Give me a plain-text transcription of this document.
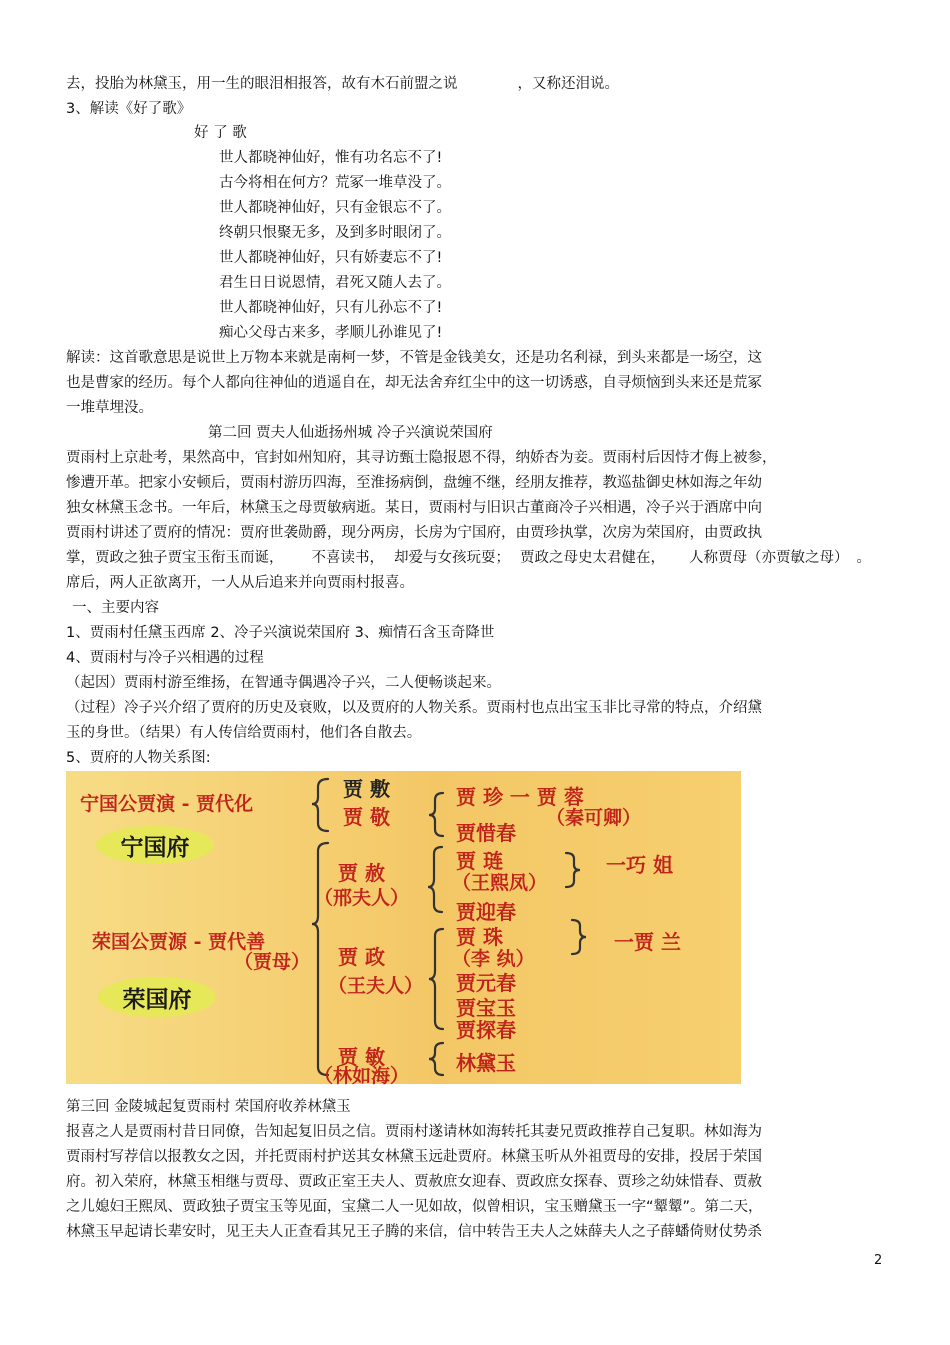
去，投胎为林黛玉，用一生的眼泪相报答，故有木石前盟之说	，又称还泪说。
3、解读《好了歌》
好 了 歌
世人都晓神仙好，惟有功名忘不了!
古今将相在何方？荒冢一堆草没了。
世人都晓神仙好，只有金银忘不了。
终朝只恨聚无多，及到多时眼闭了。
世人都晓神仙好，只有娇妻忘不了!
君生日日说恩情，君死又随人去了。
世人都晓神仙好，只有儿孙忘不了!
痴心父母古来多，孝顺儿孙谁见了!
解读：这首歌意思是说世上万物本来就是南柯一梦，不管是金钱美女，还是功名利禄，到头来都是一场空，这
也是曹家的经历。每个人都向往神仙的逍遥自在，却无法舍弃红尘中的这一切诱惑，自寻烦恼到头来还是荒冢
一堆草埋没。
第二回 贾夫人仙逝扬州城 冷子兴演说荣国府
贾雨村上京赴考，果然高中，官封如州知府，其寻访甄士隐报恩不得，纳娇杏为妾。贾雨村后因恃才侮上被参，
惨遭开革。把家小安顿后，贾雨村游历四海，至淮扬病倒，盘缠不继，经朋友推荐，教巡盐御史林如海之年幼
独女林黛玉念书。一年后，林黛玉之母贾敏病逝。某日，贾雨村与旧识古董商冷子兴相遇，冷子兴于酒席中向
贾雨村讲述了贾府的情况：贾府世袭勋爵，现分两房，长房为宁国府，由贾珍执掌，次房为荣国府，由贾政执
掌，贾政之独子贾宝玉衔玉而诞， 不喜读书， 却爱与女孩玩耍； 贾政之母史太君健在， 人称贾母（亦贾敏之母） 。
席后，两人正欲离开，一人从后追来并向贾雨村报喜。
一、主要内容
1、贾雨村任黛玉西席 2、冷子兴演说荣国府 3、痴情石含玉奇降世
4、贾雨村与冷子兴相遇的过程
（起因）贾雨村游至维扬，在智通寺偶遇冷子兴，二人便畅谈起来。
（过程）冷子兴介绍了贾府的历史及衰败，以及贾府的人物关系。贾雨村也点出宝玉非比寻常的特点，介绍黛
玉的身世。（结果）有人传信给贾雨村，他们各自散去。
5、贾府的人物关系图:
宁国公贾演 - 贾代化
宁国府
贾 敷
贾 敬
贾 珍 一 贾 蓉
（秦可卿）
贾惜春
荣国公贾源 - 贾代善
（贾母）
荣国府
贾 赦
（邢夫人）
贾 琏
（王熙凤）
一巧 姐
贾迎春
贾 政
（王夫人）
贾 珠
（李 纨）
一贾 兰
贾元春
贾宝玉
贾探春
贾 敏
（林如海）
林黛玉
第三回 金陵城起复贾雨村 荣国府收养林黛玉
报喜之人是贾雨村昔日同僚，告知起复旧员之信。贾雨村遂请林如海转托其妻兄贾政推荐自己复职。林如海为
贾雨村写荐信以报教女之因，并托贾雨村护送其女林黛玉远赴贾府。林黛玉听从外祖贾母的安排，投居于荣国
府。初入荣府，林黛玉相继与贾母、贾政正室王夫人、贾赦庶女迎春、贾政庶女探春、贾珍之幼妹惜春、贾赦
之儿媳妇王熙凤、贾政独子贾宝玉等见面，宝黛二人一见如故，似曾相识，宝玉赠黛玉一字“颦颦”。第二天，
林黛玉早起请长辈安时，见王夫人正查看其兄王子腾的来信，信中转告王夫人之妹薛夫人之子薛蟠倚财仗势杀
2
